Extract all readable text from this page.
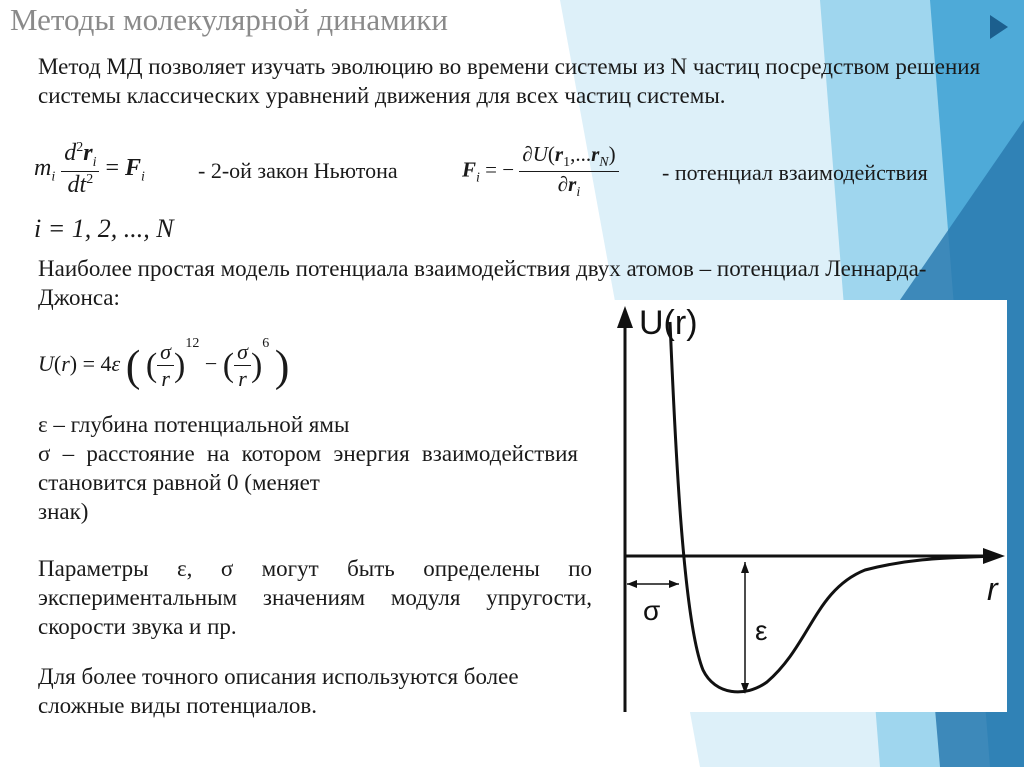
Методы молекулярной динамики
Метод МД позволяет изучать эволюцию во времени системы из N частиц посредством решения системы классических уравнений движения для всех частиц системы.
$m_i \frac{d^2r_i}{dt^2} = F_i - 2-ой$ закон Ньютона	$F_i$ = − $\frac{\partial U(r_1,...r_N)}{\partial r_i}$ - потенциал взаимодействия
i = 1, 2, ..., N
Наиболее простая модель потенциала взаимодействия двух атомов – потенциал Леннарда-Джонса:
U(r) = 4ε ( ( $\frac{\sigma}{r} )^{12}$ − ( $\frac{\sigma}{r} )^6$ )
ε – глубина потенциальной ямы
σ – расстояние на котором энергия взаимодействия становится равной 0 (меняет
знак)
Параметры ε, σ могут быть определены по экспериментальным значениям модуля упругости, скорости звука и пр.
Для более точного описания используются более сложные виды потенциалов.
U(r)
r
σ
ε
